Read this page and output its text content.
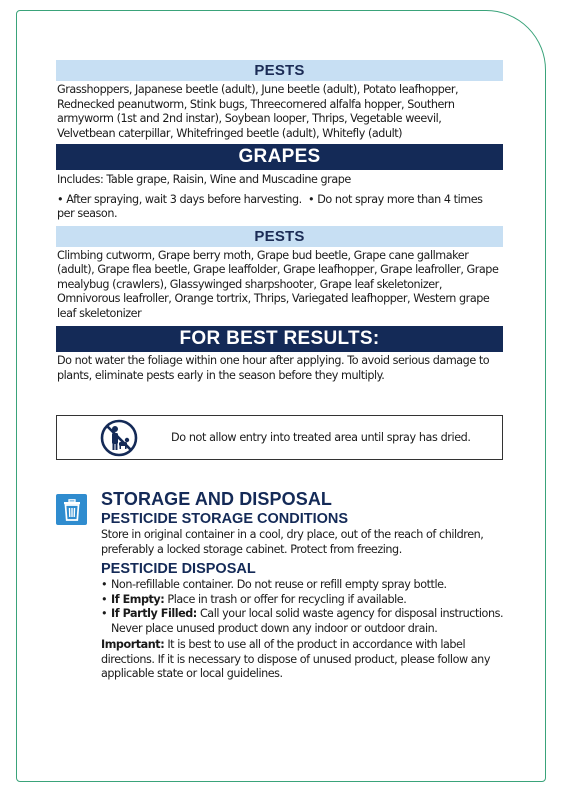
PESTS
Grasshoppers, Japanese beetle (adult), June beetle (adult), Potato leafhopper, Rednecked peanutworm, Stink bugs, Threecornered alfalfa hopper, Southern armyworm (1st and 2nd instar), Soybean looper, Thrips, Vegetable weevil, Velvetbean caterpillar, Whitefringed beetle (adult), Whitefly (adult)
GRAPES
Includes: Table grape, Raisin, Wine and Muscadine grape
• After spraying, wait 3 days before harvesting.  • Do not spray more than 4 times per season.
PESTS
Climbing cutworm, Grape berry moth, Grape bud beetle, Grape cane gallmaker (adult), Grape flea beetle, Grape leaffolder, Grape leafhopper, Grape leafroller, Grape mealybug (crawlers), Glassywinged sharpshooter, Grape leaf skeletonizer, Omnivorous leafroller, Orange tortrix, Thrips, Variegated leafhopper, Western grape leaf skeletonizer
FOR BEST RESULTS:
Do not water the foliage within one hour after applying. To avoid serious damage to plants, eliminate pests early in the season before they multiply.
Do not allow entry into treated area until spray has dried.
STORAGE AND DISPOSAL
PESTICIDE STORAGE CONDITIONS
Store in original container in a cool, dry place, out of the reach of children, preferably a locked storage cabinet. Protect from freezing.
PESTICIDE DISPOSAL
• Non-refillable container. Do not reuse or refill empty spray bottle.
• If Empty: Place in trash or offer for recycling if available.
• If Partly Filled: Call your local solid waste agency for disposal instructions. Never place unused product down any indoor or outdoor drain.
Important: It is best to use all of the product in accordance with label directions. If it is necessary to dispose of unused product, please follow any applicable state or local guidelines.
